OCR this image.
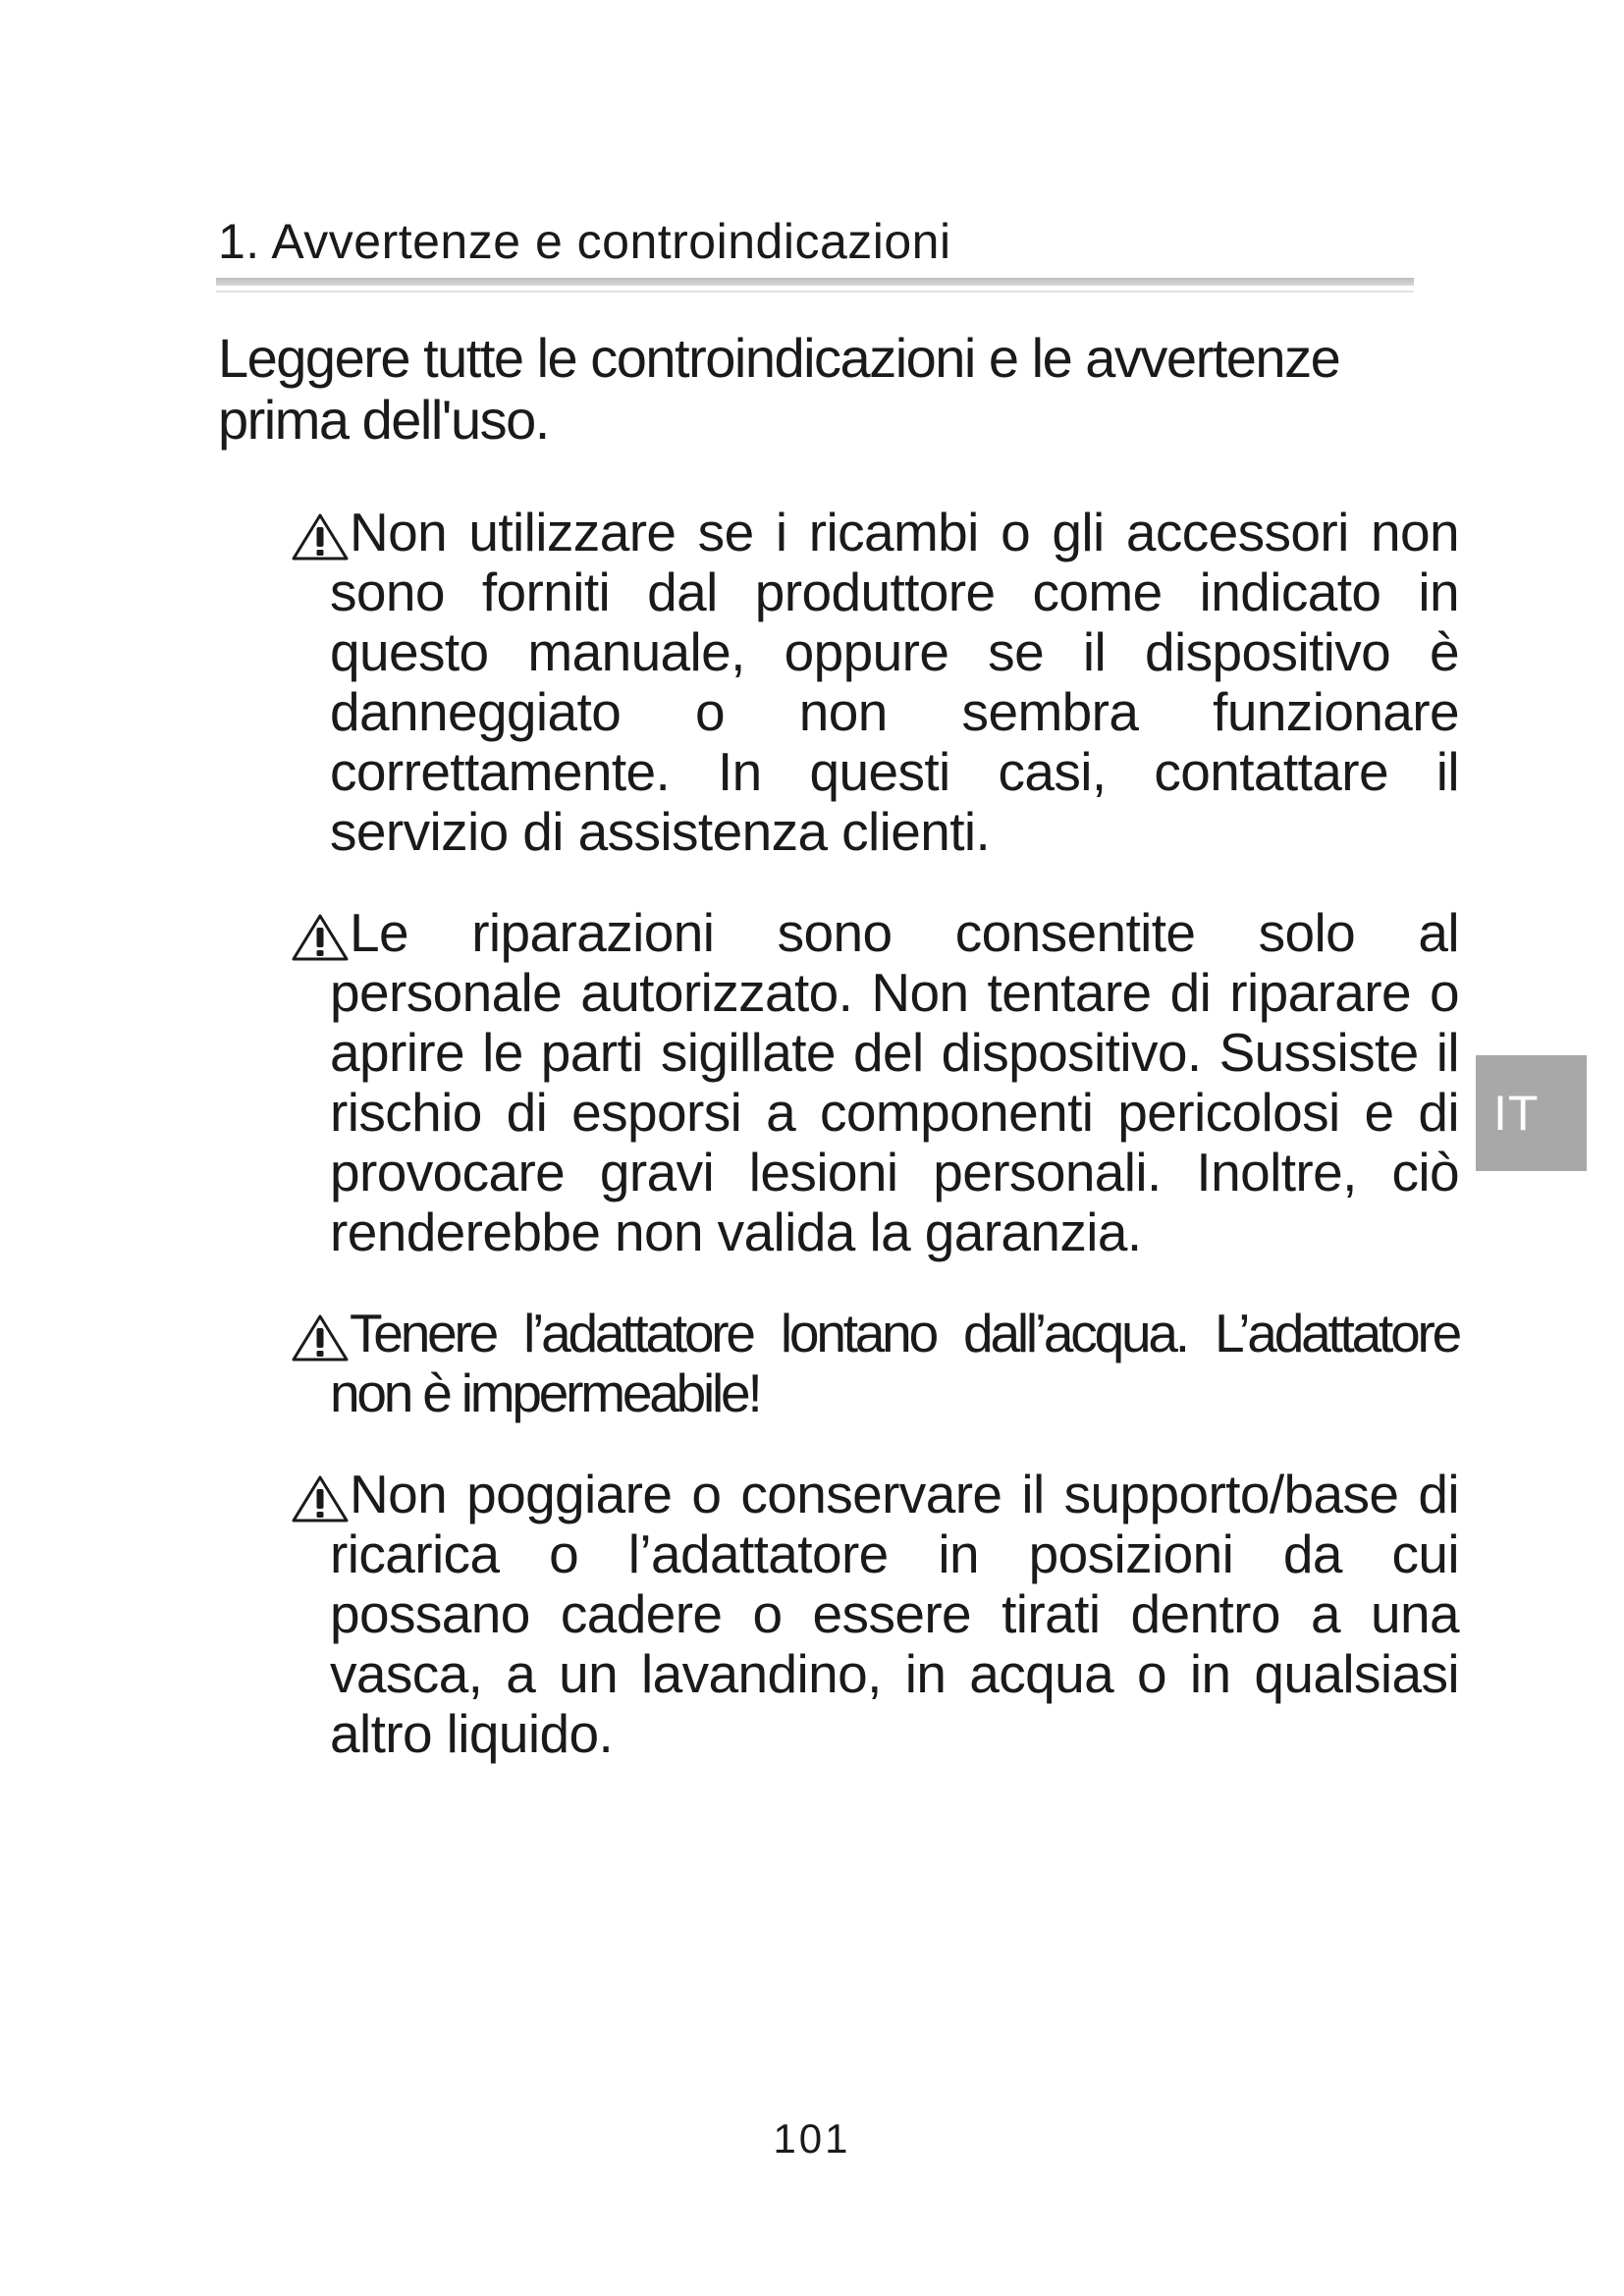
1. Avvertenze e controindicazioni

Leggere tutte le controindicazioni e le avvertenze prima dell'uso.

Non utilizzare se i ricambi o gli accessori non sono forniti dal produttore come indicato in questo manuale, oppure se il dispositivo è danneggiato o non sembra funzionare correttamente. In questi casi, contattare il servizio di assistenza clienti.
Le riparazioni sono consentite solo al personale autorizzato. Non tentare di riparare o aprire le parti sigillate del dispositivo. Sussiste il rischio di esporsi a componenti pericolosi e di provocare gravi lesioni personali. Inoltre, ciò renderebbe non valida la garanzia.
Tenere l’adattatore lontano dall’acqua. L’adattatore non è impermeabile!
Non poggiare o conservare il supporto/base di ricarica o l’adattatore in posizioni da cui possano cadere o essere tirati dentro a una vasca, a un lavandino, in acqua o in qualsiasi altro liquido.
IT
101
